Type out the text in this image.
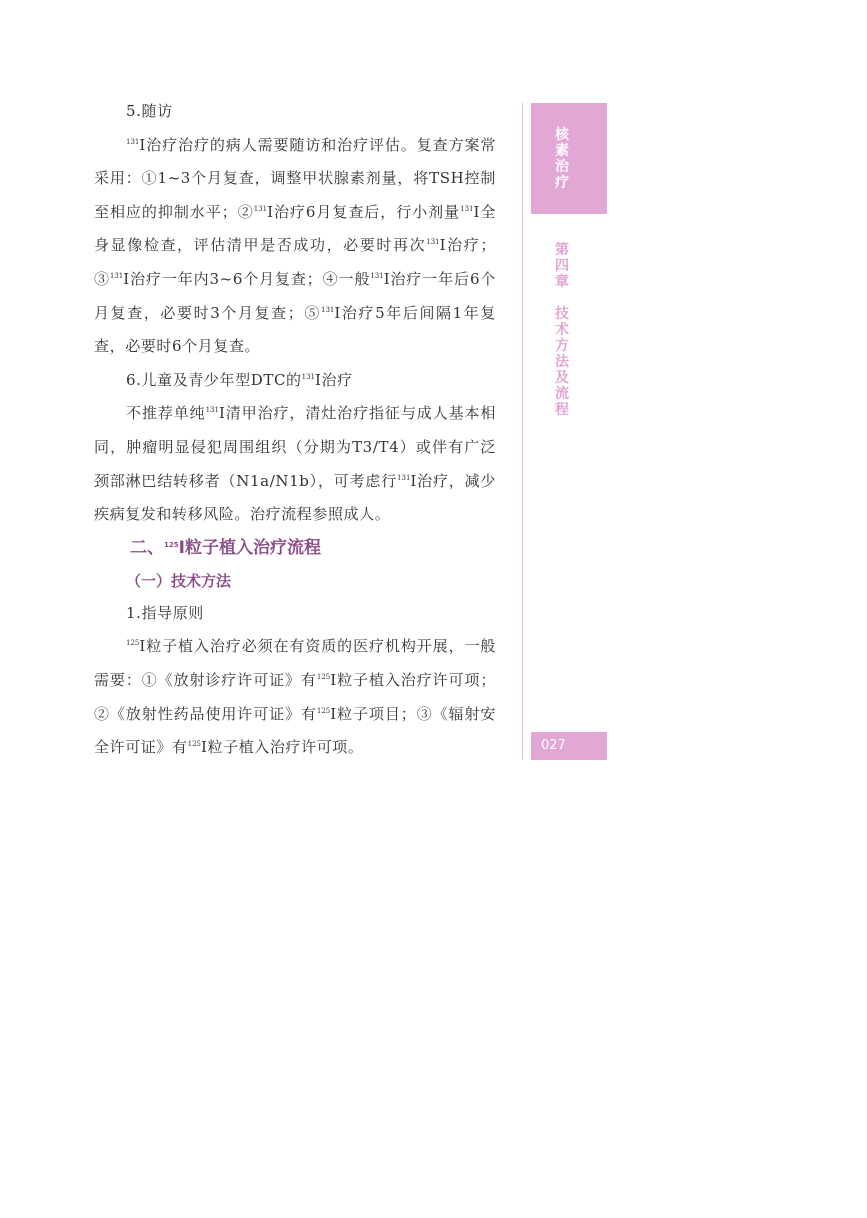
5.随访

$^{131}$I治疗治疗的病人需要随访和治疗评估。复查方案常采用：①1~3个月复查，调整甲状腺素剂量，将TSH控制至相应的抑制水平；②$^{131}$I治疗6月复查后，行小剂量$^{131}$I全身显像检查，评估清甲是否成功，必要时再次$^{131}$I治疗；③$^{131}$I治疗一年内3~6个月复查；④一般$^{131}$I治疗一年后6个月复查，必要时3个月复查；⑤$^{131}$I治疗5年后间隔1年复查，必要时6个月复查。

6.儿童及青少年型DTC的$^{131}$I治疗

不推荐单纯$^{131}$I清甲治疗，清灶治疗指征与成人基本相同，肿瘤明显侵犯周围组织（分期为T3/T4）或伴有广泛颈部淋巴结转移者（N1a/N1b），可考虑行$^{131}$I治疗，减少疾病复发和转移风险。治疗流程参照成人。

二、$^{125}$I粒子植入治疗流程

（一）技术方法

1.指导原则

$^{125}$I粒子植入治疗必须在有资质的医疗机构开展，一般需要：①《放射诊疗许可证》有$^{125}$I粒子植入治疗许可项；②《放射性药品使用许可证》有$^{125}$I粒子项目；③《辐射安全许可证》有$^{125}$I粒子植入治疗许可项。

核素治疗
第四章
技术方法及流程
027
